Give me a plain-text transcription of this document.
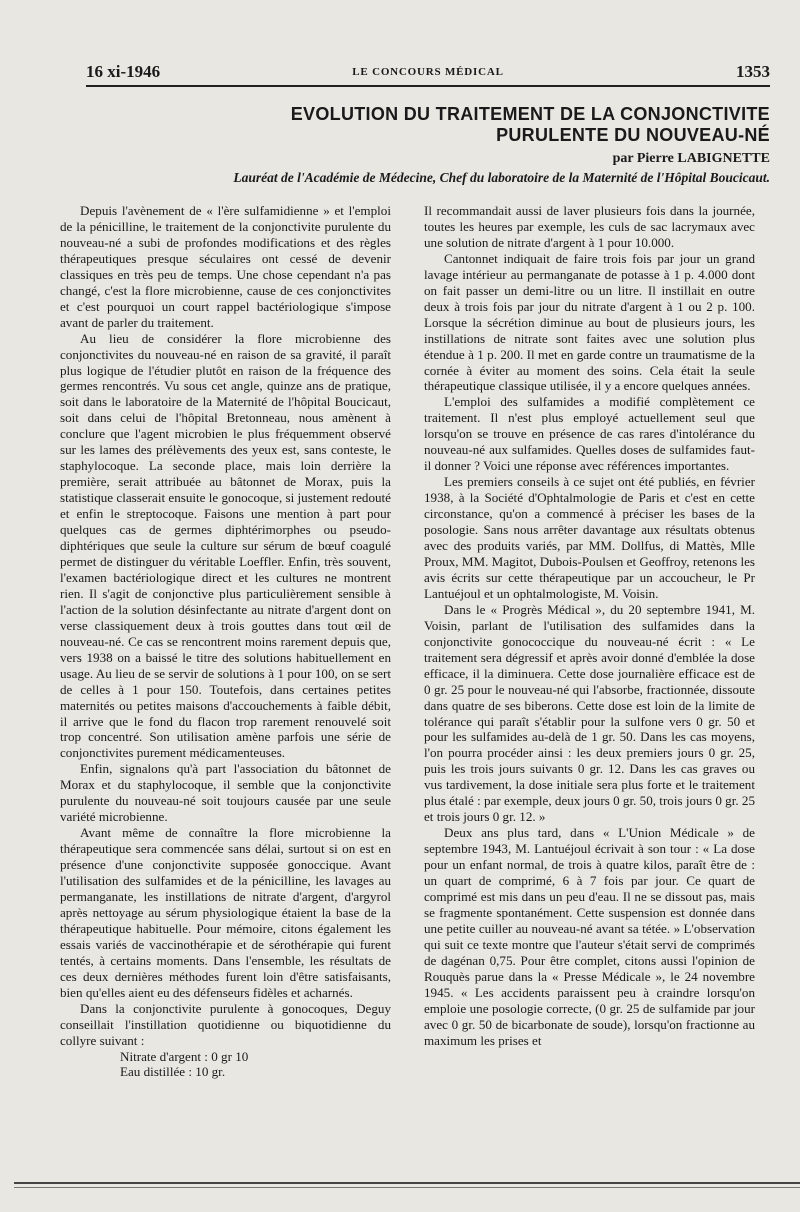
16 xi-1946	LE CONCOURS MÉDICAL	1353
EVOLUTION DU TRAITEMENT DE LA CONJONCTIVITE
PURULENTE DU NOUVEAU-NÉ
par Pierre LABIGNETTE
Lauréat de l'Académie de Médecine, Chef du laboratoire de la Maternité de l'Hôpital Boucicaut.

Depuis l'avènement de « l'ère sulfamidienne » et l'emploi de la pénicilline, le traitement de la conjonctivite purulente du nouveau-né a subi de profondes modifications et des règles thérapeutiques presque séculaires ont cessé de devenir classiques en très peu de temps. Une chose cependant n'a pas changé, c'est la flore microbienne, cause de ces conjonctivites et c'est pourquoi un court rappel bactériologique s'impose avant de parler du traitement.

Au lieu de considérer la flore microbienne des conjonctivites du nouveau-né en raison de sa gravité, il paraît plus logique de l'étudier plutôt en raison de la fréquence des germes rencontrés. Vu sous cet angle, quinze ans de pratique, soit dans le laboratoire de la Maternité de l'hôpital Boucicaut, soit dans celui de l'hôpital Bretonneau, nous amènent à conclure que l'agent microbien le plus fréquemment observé sur les lames des prélèvements des yeux est, sans conteste, le staphylocoque. La seconde place, mais loin derrière la première, serait attribuée au bâtonnet de Morax, puis la statistique classerait ensuite le gonocoque, si justement redouté et enfin le streptocoque. Faisons une mention à part pour quelques cas de germes diphtérimorphes ou pseudo-diphtériques que seule la culture sur sérum de bœuf coagulé permet de distinguer du véritable Loeffler. Enfin, très souvent, l'examen bactériologique direct et les cultures ne montrent rien. Il s'agit de conjonctive plus particulièrement sensible à l'action de la solution désinfectante au nitrate d'argent dont on verse classiquement deux à trois gouttes dans tout œil de nouveau-né. Ce cas se rencontrent moins rarement depuis que, vers 1938 on a baissé le titre des solutions habituellement en usage. Au lieu de se servir de solutions à 1 pour 100, on se sert de celles à 1 pour 150. Toutefois, dans certaines petites maternités ou petites maisons d'accouchements à faible débit, il arrive que le fond du flacon trop rarement renouvelé soit trop concentré. Son utilisation amène parfois une série de conjonctivites purement médicamenteuses.

Enfin, signalons qu'à part l'association du bâtonnet de Morax et du staphylocoque, il semble que la conjonctivite purulente du nouveau-né soit toujours causée par une seule variété microbienne.

Avant même de connaître la flore microbienne la thérapeutique sera commencée sans délai, surtout si on est en présence d'une conjonctivite supposée gonoccique. Avant l'utilisation des sulfamides et de la pénicilline, les lavages au permanganate, les instillations de nitrate d'argent, d'argyrol après nettoyage au sérum physiologique étaient la base de la thérapeutique habituelle. Pour mémoire, citons également les essais variés de vaccinothérapie et de sérothérapie qui furent tentés, à certains moments. Dans l'ensemble, les résultats de ces deux dernières méthodes furent loin d'être satisfaisants, bien qu'elles aient eu des défenseurs fidèles et acharnés.

Dans la conjonctivite purulente à gonocoques, Deguy conseillait l'instillation quotidienne ou biquotidienne du collyre suivant :

Nitrate d'argent : 0 gr 10

Eau distillée : 10 gr.

Il recommandait aussi de laver plusieurs fois dans la journée, toutes les heures par exemple, les culs de sac lacrymaux avec une solution de nitrate d'argent à 1 pour 10.000.

Cantonnet indiquait de faire trois fois par jour un grand lavage intérieur au permanganate de potasse à 1 p. 4.000 dont on fait passer un demi-litre ou un litre. Il instillait en outre deux à trois fois par jour du nitrate d'argent à 1 ou 2 p. 100. Lorsque la sécrétion diminue au bout de plusieurs jours, les instillations de nitrate sont faites avec une solution plus étendue à 1 p. 200. Il met en garde contre un traumatisme de la cornée à éviter au moment des soins. Cela était la seule thérapeutique classique utilisée, il y a encore quelques années.

L'emploi des sulfamides a modifié complètement ce traitement. Il n'est plus employé actuellement seul que lorsqu'on se trouve en présence de cas rares d'intolérance du nouveau-né aux sulfamides. Quelles doses de sulfamides faut-il donner ? Voici une réponse avec références importantes.

Les premiers conseils à ce sujet ont été publiés, en février 1938, à la Société d'Ophtalmologie de Paris et c'est en cette circonstance, qu'on a commencé à préciser les bases de la posologie. Sans nous arrêter davantage aux résultats obtenus avec des produits variés, par MM. Dollfus, di Mattès, Mlle Proux, MM. Magitot, Dubois-Poulsen et Geoffroy, retenons les avis écrits sur cette thérapeutique par un accoucheur, le Pr Lantuéjoul et un ophtalmologiste, M. Voisin.

Dans le « Progrès Médical », du 20 septembre 1941, M. Voisin, parlant de l'utilisation des sulfamides dans la conjonctivite gonococcique du nouveau-né écrit : « Le traitement sera dégressif et après avoir donné d'emblée la dose efficace, il la diminuera. Cette dose journalière efficace est de 0 gr. 25 pour le nouveau-né qui l'absorbe, fractionnée, dissoute dans quatre de ses biberons. Cette dose est loin de la limite de tolérance qui paraît s'établir pour la sulfone vers 0 gr. 50 et pour les sulfamides au-delà de 1 gr. 50. Dans les cas moyens, l'on pourra procéder ainsi : les deux premiers jours 0 gr. 25, puis les trois jours suivants 0 gr. 12. Dans les cas graves ou vus tardivement, la dose initiale sera plus forte et le traitement plus étalé : par exemple, deux jours 0 gr. 50, trois jours 0 gr. 25 et trois jours 0 gr. 12. »

Deux ans plus tard, dans « L'Union Médicale » de septembre 1943, M. Lantuéjoul écrivait à son tour : « La dose pour un enfant normal, de trois à quatre kilos, paraît être de : un quart de comprimé, 6 à 7 fois par jour. Ce quart de comprimé est mis dans un peu d'eau. Il ne se dissout pas, mais se fragmente spontanément. Cette suspension est donnée dans une petite cuiller au nouveau-né avant sa tétée. » L'observation qui suit ce texte montre que l'auteur s'était servi de comprimés de dagénan 0,75. Pour être complet, citons aussi l'opinion de Rouquès parue dans la « Presse Médicale », le 24 novembre 1945. « Les accidents paraissent peu à craindre lorsqu'on emploie une posologie correcte, (0 gr. 25 de sulfamide par jour avec 0 gr. 50 de bicarbonate de soude), lorsqu'on fractionne au maximum les prises et
